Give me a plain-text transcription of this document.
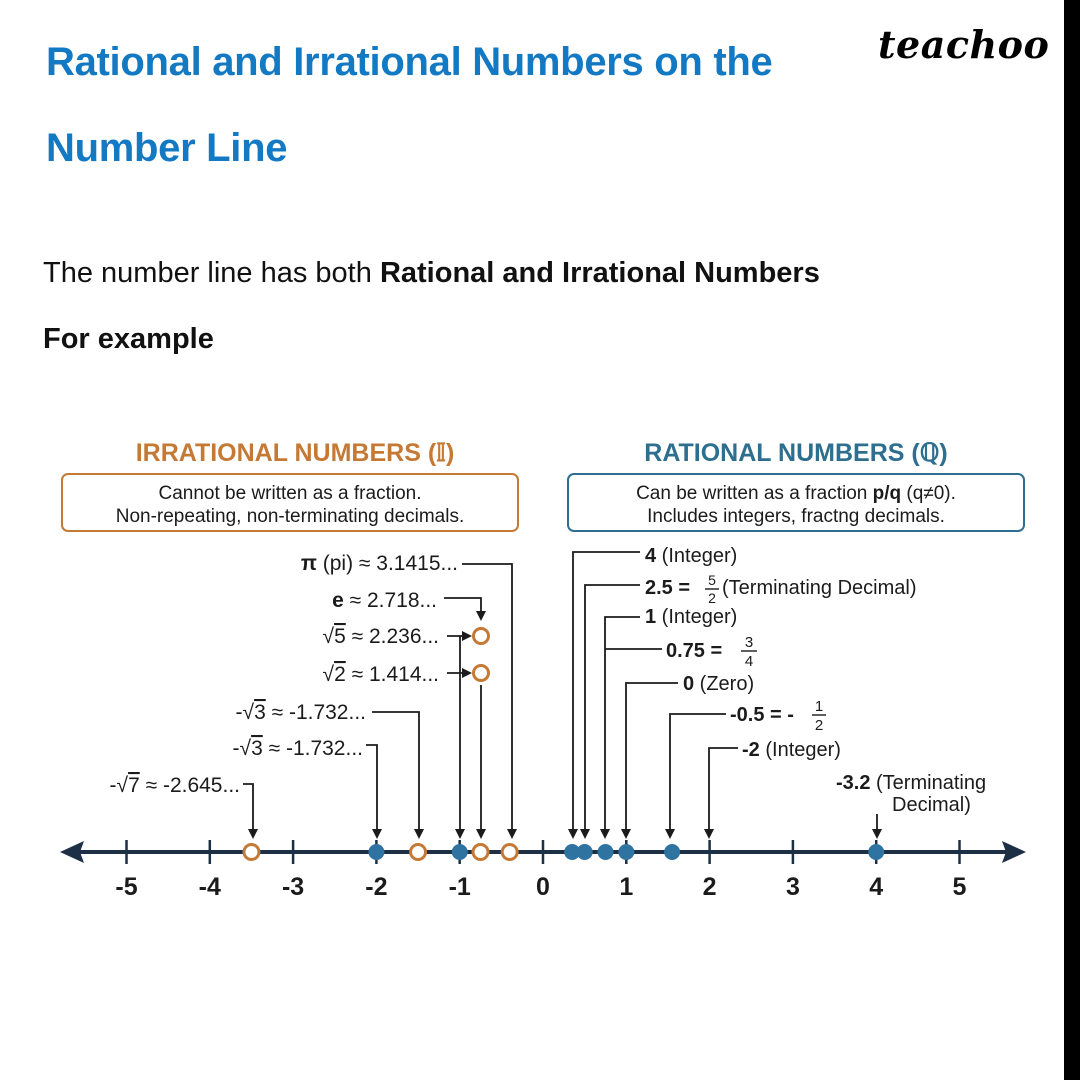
Rational and Irrational Numbers on the
Number Line
teachoo

The number line has both Rational and Irrational Numbers

For example

IRRATIONAL NUMBERS (𝕀)	RATIONAL NUMBERS (ℚ)
Cannot be written as a fraction.
Non-repeating, non-terminating decimals.
Can be written as a fraction p/q (q≠0).
Includes integers, fractng decimals.
π (pi) ≈ 3.1415...
e ≈ 2.718...
√5 ≈ 2.236...
√2 ≈ 1.414...
-√3 ≈ -1.732...
-√3 ≈ -1.732...
-√7 ≈ -2.645...
4 (Integer)
2.5 = 5
2 (Terminating Decimal)
1 (Integer)
0.75 = 3
4
0 (Zero)
-0.5 = - 1
2
-2 (Integer)
-3.2 (Terminating
Decimal)
-5 -4 -3 -2 -1	0	1	2	3	4	5
